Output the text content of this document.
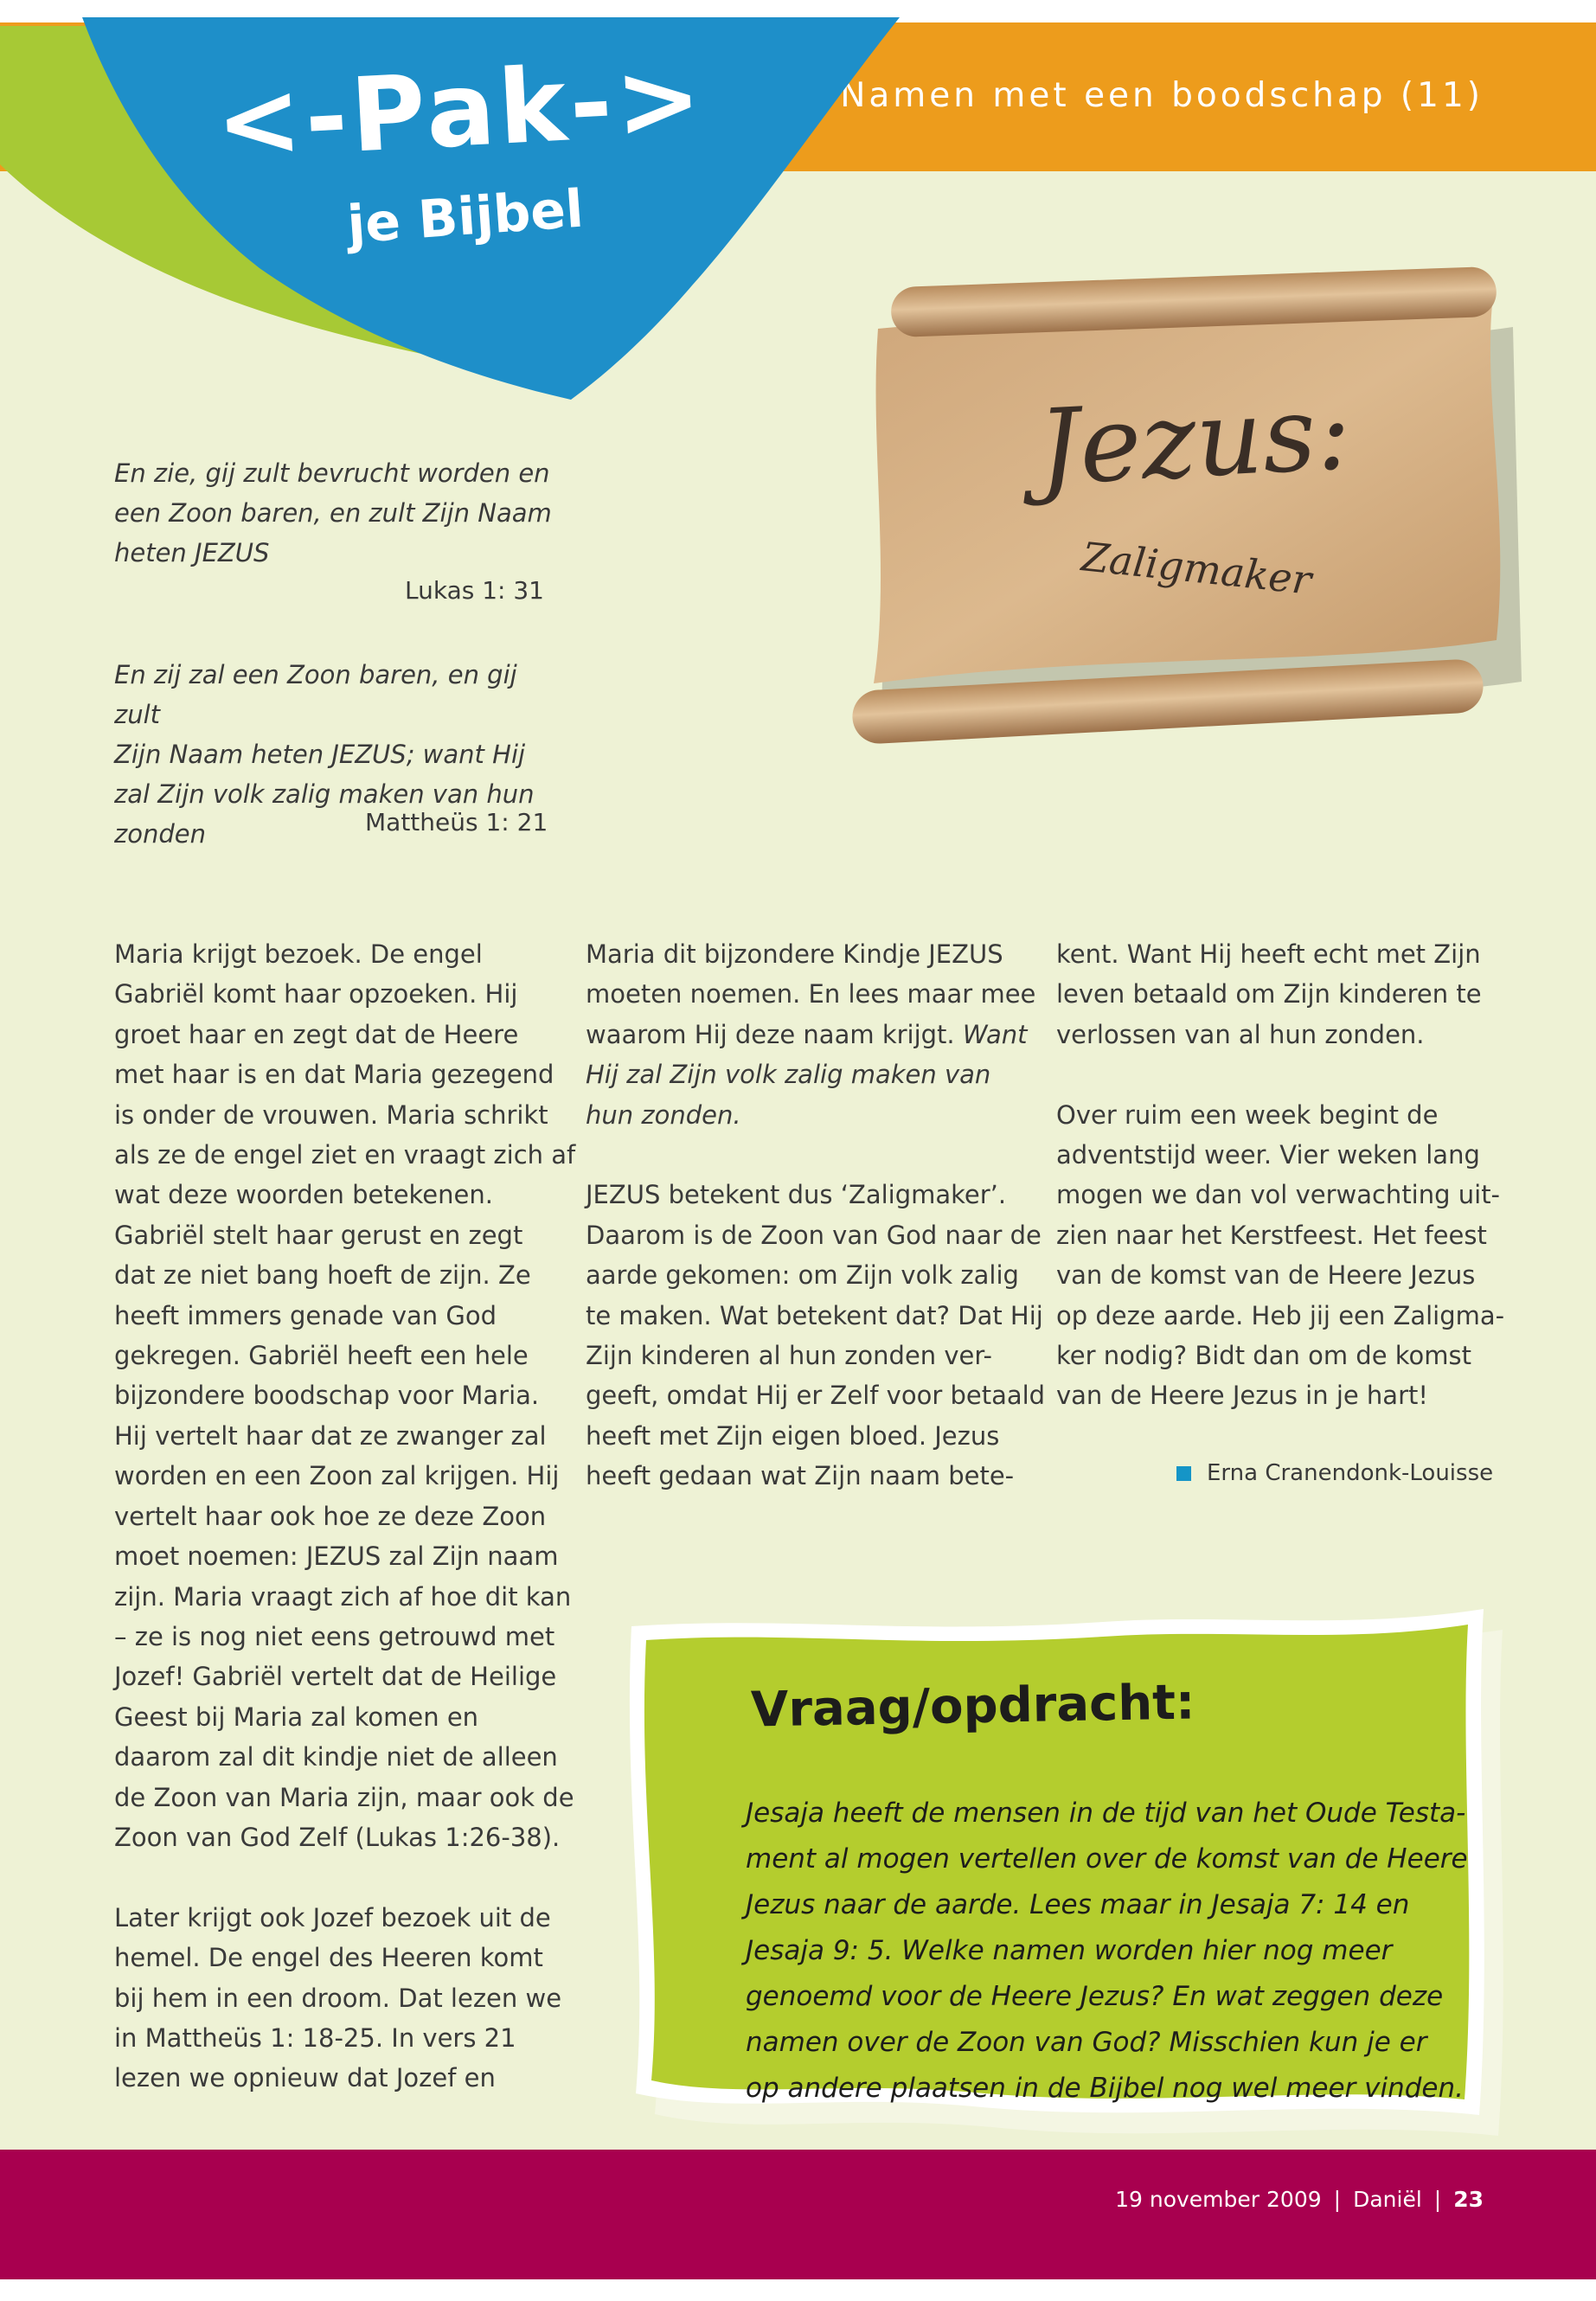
Namen met een boodschap (11)
<-Pak->
je Bijbel
En zie, gij zult bevrucht worden en
een Zoon baren, en zult Zijn Naam
heten JEZUS
Lukas 1: 31
En zij zal een Zoon baren, en gij zult
Zijn Naam heten JEZUS; want Hij
zal Zijn volk zalig maken van hun
zonden	Mattheüs 1: 21
Jezus:
Zaligmaker

Maria krijgt bezoek. De engel
Gabriël komt haar opzoeken. Hij
groet haar en zegt dat de Heere
met haar is en dat Maria gezegend
is onder de vrouwen. Maria schrikt
als ze de engel ziet en vraagt zich af
wat deze woorden betekenen.
Gabriël stelt haar gerust en zegt
dat ze niet bang hoeft de zijn. Ze
heeft immers genade van God
gekregen. Gabriël heeft een hele
bijzondere boodschap voor Maria.
Hij vertelt haar dat ze zwanger zal
worden en een Zoon zal krijgen. Hij
vertelt haar ook hoe ze deze Zoon
moet noemen: JEZUS zal Zijn naam
zijn. Maria vraagt zich af hoe dit kan
– ze is nog niet eens getrouwd met
Jozef! Gabriël vertelt dat de Heilige
Geest bij Maria zal komen en
daarom zal dit kindje niet de alleen
de Zoon van Maria zijn, maar ook de
Zoon van God Zelf (Lukas 1:26-38).

Later krijgt ook Jozef bezoek uit de
hemel. De engel des Heeren komt
bij hem in een droom. Dat lezen we
in Mattheüs 1: 18-25. In vers 21
lezen we opnieuw dat Jozef en

Maria dit bijzondere Kindje JEZUS
moeten noemen. En lees maar mee
waarom Hij deze naam krijgt. Want
Hij zal Zijn volk zalig maken van
hun zonden.

JEZUS betekent dus ‘Zaligmaker’.
Daarom is de Zoon van God naar de
aarde gekomen: om Zijn volk zalig
te maken. Wat betekent dat? Dat Hij
Zijn kinderen al hun zonden ver-
geeft, omdat Hij er Zelf voor betaald
heeft met Zijn eigen bloed. Jezus
heeft gedaan wat Zijn naam bete-

kent. Want Hij heeft echt met Zijn
leven betaald om Zijn kinderen te
verlossen van al hun zonden.

Over ruim een week begint de
adventstijd weer. Vier weken lang
mogen we dan vol verwachting uit-
zien naar het Kerstfeest. Het feest
van de komst van de Heere Jezus
op deze aarde. Heb jij een Zaligma-
ker nodig? Bidt dan om de komst
van de Heere Jezus in je hart!

Erna Cranendonk-Louisse
Vraag/opdracht:
Jesaja heeft de mensen in de tijd van het Oude Testa-
ment al mogen vertellen over de komst van de Heere
Jezus naar de aarde. Lees maar in Jesaja 7: 14 en
Jesaja 9: 5. Welke namen worden hier nog meer
genoemd voor de Heere Jezus? En wat zeggen deze
namen over de Zoon van God? Misschien kun je er
op andere plaatsen in de Bijbel nog wel meer vinden.
19 november 2009 | Daniël | 23
